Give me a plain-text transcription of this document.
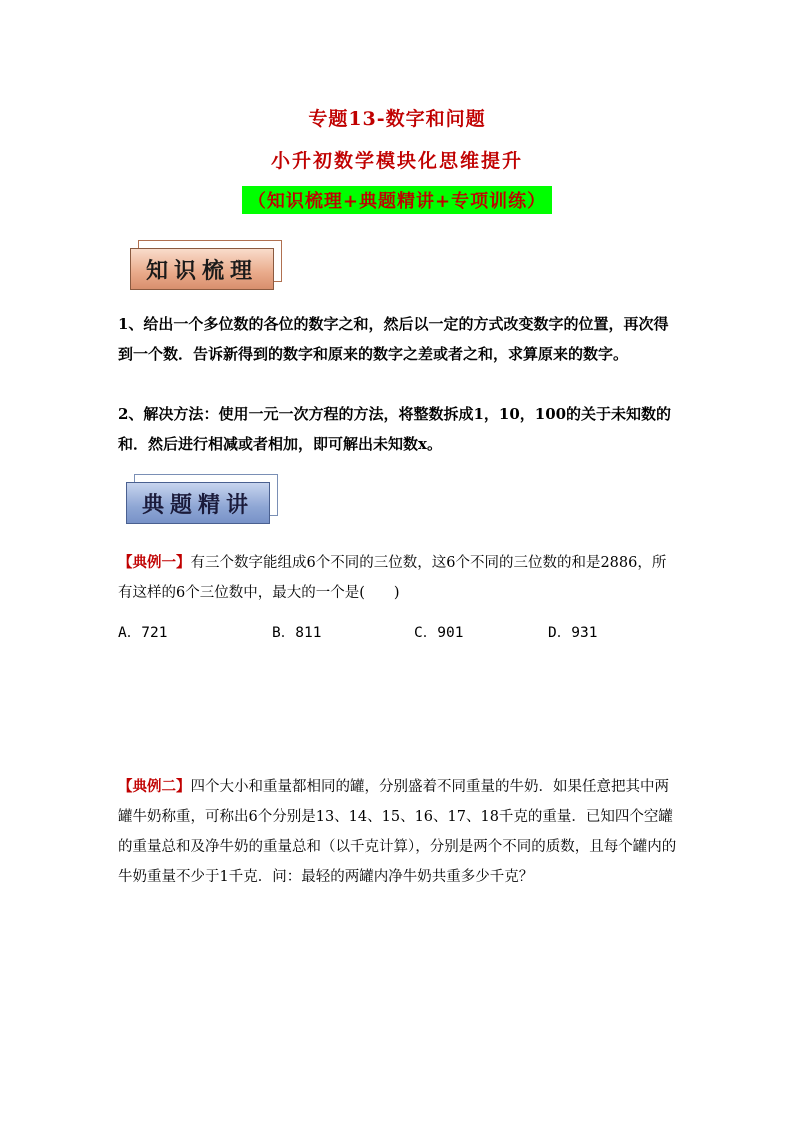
专题13-数字和问题
小升初数学模块化思维提升
（知识梳理+典题精讲+专项训练）
知识梳理
1、给出一个多位数的各位的数字之和，然后以一定的方式改变数字的位置，再次得到一个数．告诉新得到的数字和原来的数字之差或者之和，求算原来的数字。
2、解决方法：使用一元一次方程的方法，将整数拆成1，10，100的关于未知数的和．然后进行相减或者相加，即可解出未知数x。
典题精讲
【典例一】有三个数字能组成6个不同的三位数，这6个不同的三位数的和是2886，所有这样的6个三位数中，最大的一个是(　　)
A．721	B．811	C．901	D．931
【典例二】四个大小和重量都相同的罐，分别盛着不同重量的牛奶．如果任意把其中两罐牛奶称重，可称出6个分别是13、14、15、16、17、18千克的重量．已知四个空罐的重量总和及净牛奶的重量总和（以千克计算），分别是两个不同的质数，且每个罐内的牛奶重量不少于1千克．问：最轻的两罐内净牛奶共重多少千克？
